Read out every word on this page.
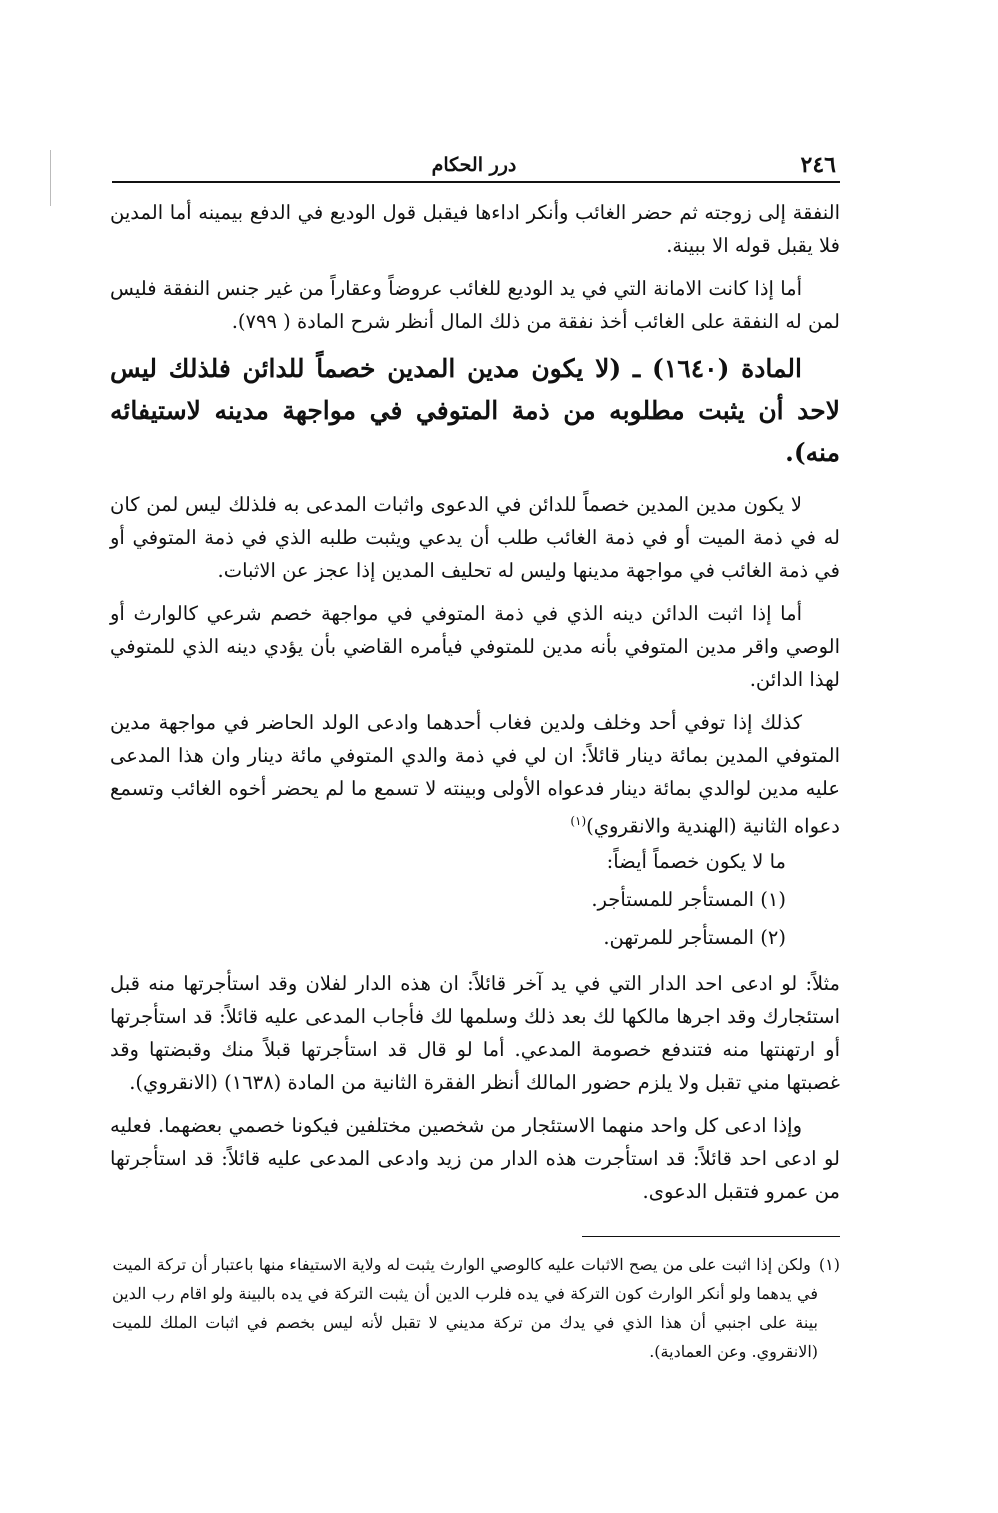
٢٤٦
درر الحكام

النفقة إلى زوجته ثم حضر الغائب وأنكر اداءها فيقبل قول الوديع في الدفع بيمينه أما المدين فلا يقبل قوله الا ببينة.

أما إذا كانت الامانة التي في يد الوديع للغائب عروضاً وعقاراً من غير جنس النفقة فليس لمن له النفقة على الغائب أخذ نفقة من ذلك المال أنظر شرح المادة ( ٧٩٩).

المادة (١٦٤٠) ـ (لا يكون مدين المدين خصماً للدائن فلذلك ليس لاحد أن يثبت مطلوبه من ذمة المتوفي في مواجهة مدينه لاستيفائه منه).

لا يكون مدين المدين خصماً للدائن في الدعوى واثبات المدعى به فلذلك ليس لمن كان له في ذمة الميت أو في ذمة الغائب طلب أن يدعي ويثبت طلبه الذي في ذمة المتوفي أو في ذمة الغائب في مواجهة مدينها وليس له تحليف المدين إذا عجز عن الاثبات.

أما إذا اثبت الدائن دينه الذي في ذمة المتوفي في مواجهة خصم شرعي كالوارث أو الوصي واقر مدين المتوفي بأنه مدين للمتوفي فيأمره القاضي بأن يؤدي دينه الذي للمتوفي لهذا الدائن.

كذلك إذا توفي أحد وخلف ولدين فغاب أحدهما وادعى الولد الحاضر في مواجهة مدين المتوفي المدين بمائة دينار قائلاً: ان لي في ذمة والدي المتوفي مائة دينار وان هذا المدعى عليه مدين لوالدي بمائة دينار فدعواه الأولى وبينته لا تسمع ما لم يحضر أخوه الغائب وتسمع دعواه الثانية (الهندية والانقروي)$^{(١)}$

ما لا يكون خصماً أيضاً:
(١) المستأجر للمستأجر.
(٢) المستأجر للمرتهن.

مثلاً: لو ادعى احد الدار التي في يد آخر قائلاً: ان هذه الدار لفلان وقد استأجرتها منه قبل استئجارك وقد اجرها مالكها لك بعد ذلك وسلمها لك فأجاب المدعى عليه قائلاً: قد استأجرتها أو ارتهنتها منه فتندفع خصومة المدعي. أما لو قال قد استأجرتها قبلاً منك وقبضتها وقد غصبتها مني تقبل ولا يلزم حضور المالك أنظر الفقرة الثانية من المادة (١٦٣٨) (الانقروي).

وإذا ادعى كل واحد منهما الاستئجار من شخصين مختلفين فيكونا خصمي بعضهما. فعليه لو ادعى احد قائلاً: قد استأجرت هذه الدار من زيد وادعى المدعى عليه قائلاً: قد استأجرتها من عمرو فتقبل الدعوى.

(١)ولكن إذا اثبت على من يصح الاثبات عليه كالوصي الوارث يثبت له ولاية الاستيفاء منها باعتبار أن تركة الميت

في يدهما ولو أنكر الوارث كون التركة في يده فلرب الدين أن يثبت التركة في يده بالبينة ولو اقام رب الدين بينة على اجنبي أن هذا الذي في يدك من تركة مديني لا تقبل لأنه ليس بخصم في اثبات الملك للميت (الانقروي. وعن العمادية).
